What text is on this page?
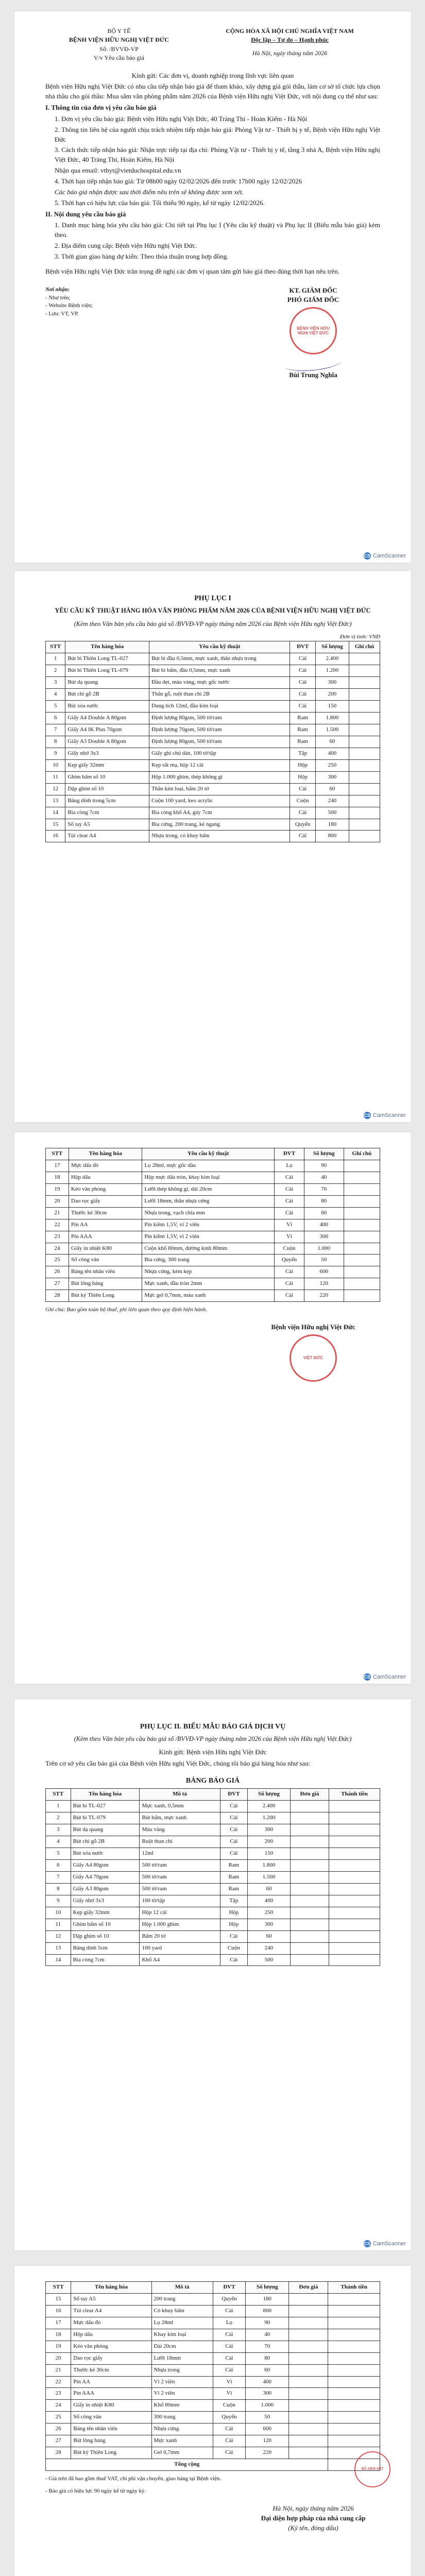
BỘ Y TẾ
BỆNH VIỆN HỮU NGHỊ VIỆT ĐỨC
Số: /BVVĐ-VP
V/v Yêu cầu báo giá
CỘNG HÒA XÃ HỘI CHỦ NGHĨA VIỆT NAM
Độc lập – Tự do – Hạnh phúc
Hà Nội, ngày tháng năm 2026

Kính gửi: Các đơn vị, doanh nghiệp trong lĩnh vực liên quan

Bệnh viện Hữu nghị Việt Đức có nhu cầu tiếp nhận báo giá để tham khảo, xây dựng giá gói thầu, làm cơ sở tổ chức lựa chọn nhà thầu cho gói thầu: Mua sắm văn phòng phẩm năm 2026 của Bệnh viện Hữu nghị Việt Đức, với nội dung cụ thể như sau:

I. Thông tin của đơn vị yêu cầu báo giá

1. Đơn vị yêu cầu báo giá: Bệnh viện Hữu nghị Việt Đức, 40 Tràng Thi - Hoàn Kiếm - Hà Nội

2. Thông tin liên hệ của người chịu trách nhiệm tiếp nhận báo giá: Phòng Vật tư - Thiết bị y tế, Bệnh viện Hữu nghị Việt Đức

3. Cách thức tiếp nhận báo giá: Nhận trực tiếp tại địa chỉ: Phòng Vật tư - Thiết bị y tế, tầng 3 nhà A, Bệnh viện Hữu nghị Việt Đức, 40 Tràng Thi, Hoàn Kiếm, Hà Nội

Nhận qua email: vtbyt@vietduchospital.edu.vn

4. Thời hạn tiếp nhận báo giá: Từ 08h00 ngày 02/02/2026 đến trước 17h00 ngày 12/02/2026

Các báo giá nhận được sau thời điểm nêu trên sẽ không được xem xét.

5. Thời hạn có hiệu lực của báo giá: Tối thiểu 90 ngày, kể từ ngày 12/02/2026.

II. Nội dung yêu cầu báo giá

1. Danh mục hàng hóa yêu cầu báo giá: Chi tiết tại Phụ lục I (Yêu cầu kỹ thuật) và Phụ lục II (Biểu mẫu báo giá) kèm theo.

2. Địa điểm cung cấp: Bệnh viện Hữu nghị Việt Đức.

3. Thời gian giao hàng dự kiến: Theo thỏa thuận trong hợp đồng.

Bệnh viện Hữu nghị Việt Đức trân trọng đề nghị các đơn vị quan tâm gửi báo giá theo đúng thời hạn nêu trên.

Nơi nhận:
- Như trên;
- Website Bệnh viện;
- Lưu: VT, VP.
KT. GIÁM ĐỐC
PHÓ GIÁM ĐỐC
BỆNH VIỆN HỮU NGHỊ VIỆT ĐỨC
Bùi Trung Nghĩa
CS CamScanner
PHỤ LỤC I
YÊU CẦU KỸ THUẬT HÀNG HÓA VĂN PHÒNG PHẨM NĂM 2026 CỦA BỆNH VIỆN HỮU NGHỊ VIỆT ĐỨC
(Kèm theo Văn bản yêu cầu báo giá số /BVVĐ-VP ngày tháng năm 2026 của Bệnh viện Hữu nghị Việt Đức)
Đơn vị tính: VNĐ
STT	Tên hàng hóa	Yêu cầu kỹ thuật	ĐVT	Số lượng	Ghi chú
1	Bút bi Thiên Long TL-027	Bút bi đầu 0,5mm, mực xanh, thân nhựa trong	Cái	2.400	
2	Bút bi Thiên Long TL-079	Bút bi bấm, đầu 0,5mm, mực xanh	Cái	1.200	
3	Bút dạ quang	Đầu dẹt, màu vàng, mực gốc nước	Cái	300	
4	Bút chì gỗ 2B	Thân gỗ, ruột than chì 2B	Cái	200	
5	Bút xóa nước	Dung tích 12ml, đầu kim loại	Cái	150	
6	Giấy A4 Double A 80gsm	Định lượng 80gsm, 500 tờ/ram	Ram	1.800	
7	Giấy A4 IK Plus 70gsm	Định lượng 70gsm, 500 tờ/ram	Ram	1.500	
8	Giấy A3 Double A 80gsm	Định lượng 80gsm, 500 tờ/ram	Ram	60	
9	Giấy nhớ 3x3	Giấy ghi chú dán, 100 tờ/tập	Tập	400	
10	Kẹp giấy 32mm	Kẹp sắt mạ, hộp 12 cái	Hộp	250	
11	Ghim bấm số 10	Hộp 1.000 ghim, thép không gỉ	Hộp	300	
12	Dập ghim số 10	Thân kim loại, bấm 20 tờ	Cái	60	
13	Băng dính trong 5cm	Cuộn 100 yard, keo acrylic	Cuộn	240	
14	Bìa còng 7cm	Bìa còng khổ A4, gáy 7cm	Cái	500	
15	Sổ tay A5	Bìa cứng, 200 trang, kẻ ngang	Quyển	180	
16	Túi clear A4	Nhựa trong, có khuy bấm	Cái	800	
CS CamScanner
STT	Tên hàng hóa	Yêu cầu kỹ thuật	ĐVT	Số lượng	Ghi chú
17	Mực dấu đỏ	Lọ 28ml, mực gốc dầu	Lọ	90	
18	Hộp dấu	Hộp mực dấu tròn, khay kim loại	Cái	40	
19	Kéo văn phòng	Lưỡi thép không gỉ, dài 20cm	Cái	70	
20	Dao rọc giấy	Lưỡi 18mm, thân nhựa cứng	Cái	80	
21	Thước kẻ 30cm	Nhựa trong, vạch chia mm	Cái	60	
22	Pin AA	Pin kiềm 1,5V, vỉ 2 viên	Vỉ	400	
23	Pin AAA	Pin kiềm 1,5V, vỉ 2 viên	Vỉ	300	
24	Giấy in nhiệt K80	Cuộn khổ 80mm, đường kính 80mm	Cuộn	1.000	
25	Sổ công văn	Bìa cứng, 300 trang	Quyển	50	
26	Bảng tên nhân viên	Nhựa cứng, kèm kẹp	Cái	600	
27	Bút lông bảng	Mực xanh, đầu tròn 2mm	Cái	120	
28	Bút ký Thiên Long	Mực gel 0,7mm, màu xanh	Cái	220	

Ghi chú: Bao gồm toàn bộ thuế, phí liên quan theo quy định hiện hành.

Bệnh viện Hữu nghị Việt Đức
VIỆT ĐỨC
CS CamScanner
PHỤ LỤC II. BIỂU MẪU BÁO GIÁ DỊCH VỤ
(Kèm theo Văn bản yêu cầu báo giá số /BVVĐ-VP ngày tháng năm 2026 của Bệnh viện Hữu nghị Việt Đức)

Kính gửi: Bệnh viện Hữu nghị Việt Đức

Trên cơ sở yêu cầu báo giá của Bệnh viện Hữu nghị Việt Đức, chúng tôi báo giá hàng hóa như sau:

BẢNG BÁO GIÁ
STT	Tên hàng hóa	Mô tả	ĐVT	Số lượng	Đơn giá	Thành tiền
1	Bút bi TL-027	Mực xanh, 0,5mm	Cái	2.400		
2	Bút bi TL-079	Bút bấm, mực xanh	Cái	1.200		
3	Bút dạ quang	Màu vàng	Cái	300		
4	Bút chì gỗ 2B	Ruột than chì	Cái	200		
5	Bút xóa nước	12ml	Cái	150		
6	Giấy A4 80gsm	500 tờ/ram	Ram	1.800		
7	Giấy A4 70gsm	500 tờ/ram	Ram	1.500		
8	Giấy A3 80gsm	500 tờ/ram	Ram	60		
9	Giấy nhớ 3x3	100 tờ/tập	Tập	400		
10	Kẹp giấy 32mm	Hộp 12 cái	Hộp	250		
11	Ghim bấm số 10	Hộp 1.000 ghim	Hộp	300		
12	Dập ghim số 10	Bấm 20 tờ	Cái	60		
13	Băng dính 5cm	100 yard	Cuộn	240		
14	Bìa còng 7cm	Khổ A4	Cái	500		
CS CamScanner
STT	Tên hàng hóa	Mô tả	ĐVT	Số lượng	Đơn giá	Thành tiền
15	Sổ tay A5	200 trang	Quyển	180		
16	Túi clear A4	Có khuy bấm	Cái	800		
17	Mực dấu đỏ	Lọ 28ml	Lọ	90		
18	Hộp dấu	Khay kim loại	Cái	40		
19	Kéo văn phòng	Dài 20cm	Cái	70		
20	Dao rọc giấy	Lưỡi 18mm	Cái	80		
21	Thước kẻ 30cm	Nhựa trong	Cái	60		
22	Pin AA	Vỉ 2 viên	Vỉ	400		
23	Pin AAA	Vỉ 2 viên	Vỉ	300		
24	Giấy in nhiệt K80	Khổ 80mm	Cuộn	1.000		
25	Sổ công văn	300 trang	Quyển	50		
26	Bảng tên nhân viên	Nhựa cứng	Cái	600		
27	Bút lông bảng	Mực xanh	Cái	120		
28	Bút ký Thiên Long	Gel 0,7mm	Cái	220		
Tổng cộng						

- Giá trên đã bao gồm thuế VAT, chi phí vận chuyển, giao hàng tại Bệnh viện.

- Báo giá có hiệu lực 90 ngày kể từ ngày ký.

Hà Nội, ngày tháng năm 2026
Đại diện hợp pháp của nhà cung cấp
(Ký tên, đóng dấu)
ĐÃ XEM XÉT
